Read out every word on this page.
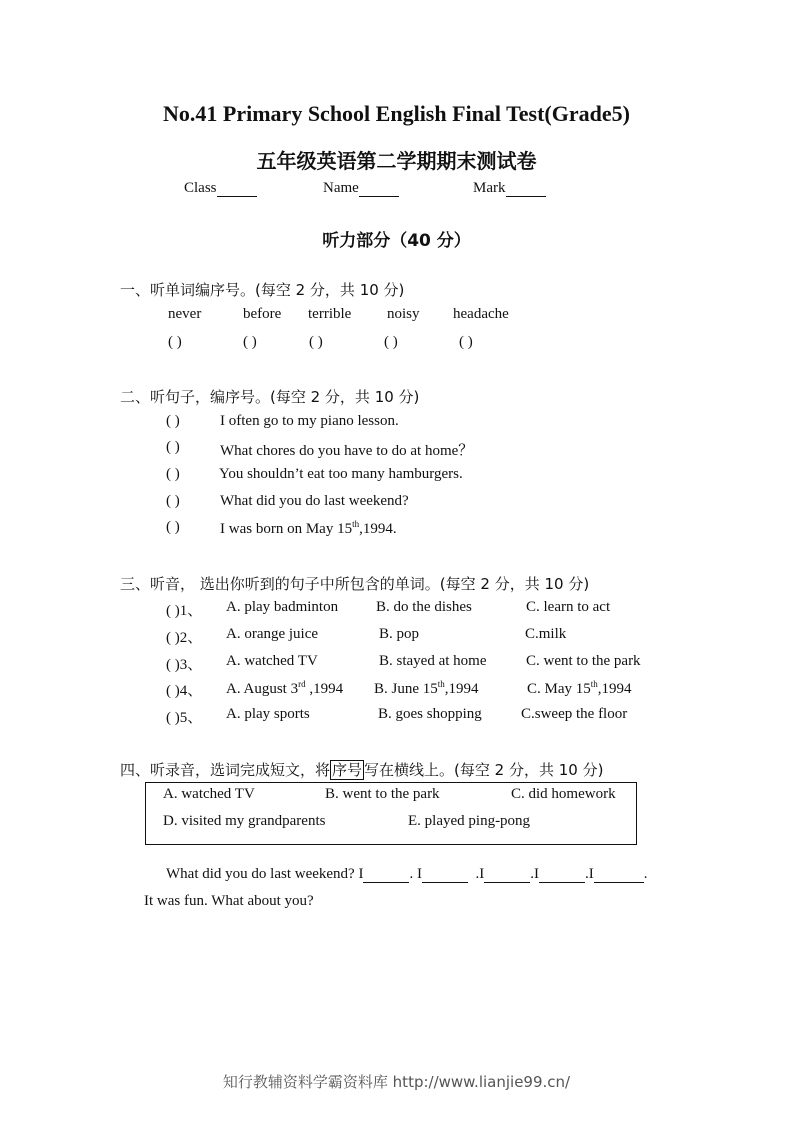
No.41 Primary School English Final Test(Grade5)
五年级英语第二学期期末测试卷
Class	Name	Mark
听力部分（40 分）
一、听单词编序号。(每空 2 分，共 10 分)
never	before terrible noisy headache
( )	( )	( )	( )	( )
二、听句子，编序号。(每空 2 分，共 10 分)
( )	I often go to my piano lesson.
( )	What chores do you have to do at home？
( )	You shouldn’t eat too many hamburgers.
( )	What did you do last weekend?
( )	I was born on May 15th,1994.
三、听音， 选出你听到的句子中所包含的单词。(每空 2 分，共 10 分)
( )1、 A. play badminton	B. do the dishes	C. learn to act
( )2、 A. orange juice	B. pop	C.milk
( )3、 A. watched TV	B. stayed at home	C. went to the park
( )4、 A. August 3rd ,1994 B. June 15th,1994	C. May 15th,1994
( )5、 A. play sports	B. goes shopping	C.sweep the floor
四、听录音，选词完成短文，将 序号 写在横线上。(每空 2 分，共 10 分)
A. watched TV	B. went to the park	C. did homework
D. visited my grandparents	E. played ping-pong
What did you do last weekend? I	. I	.I	.I	.I	.
It was fun. What about you?
知行教辅资料学霸资料库 http://www.lianjie99.cn/
